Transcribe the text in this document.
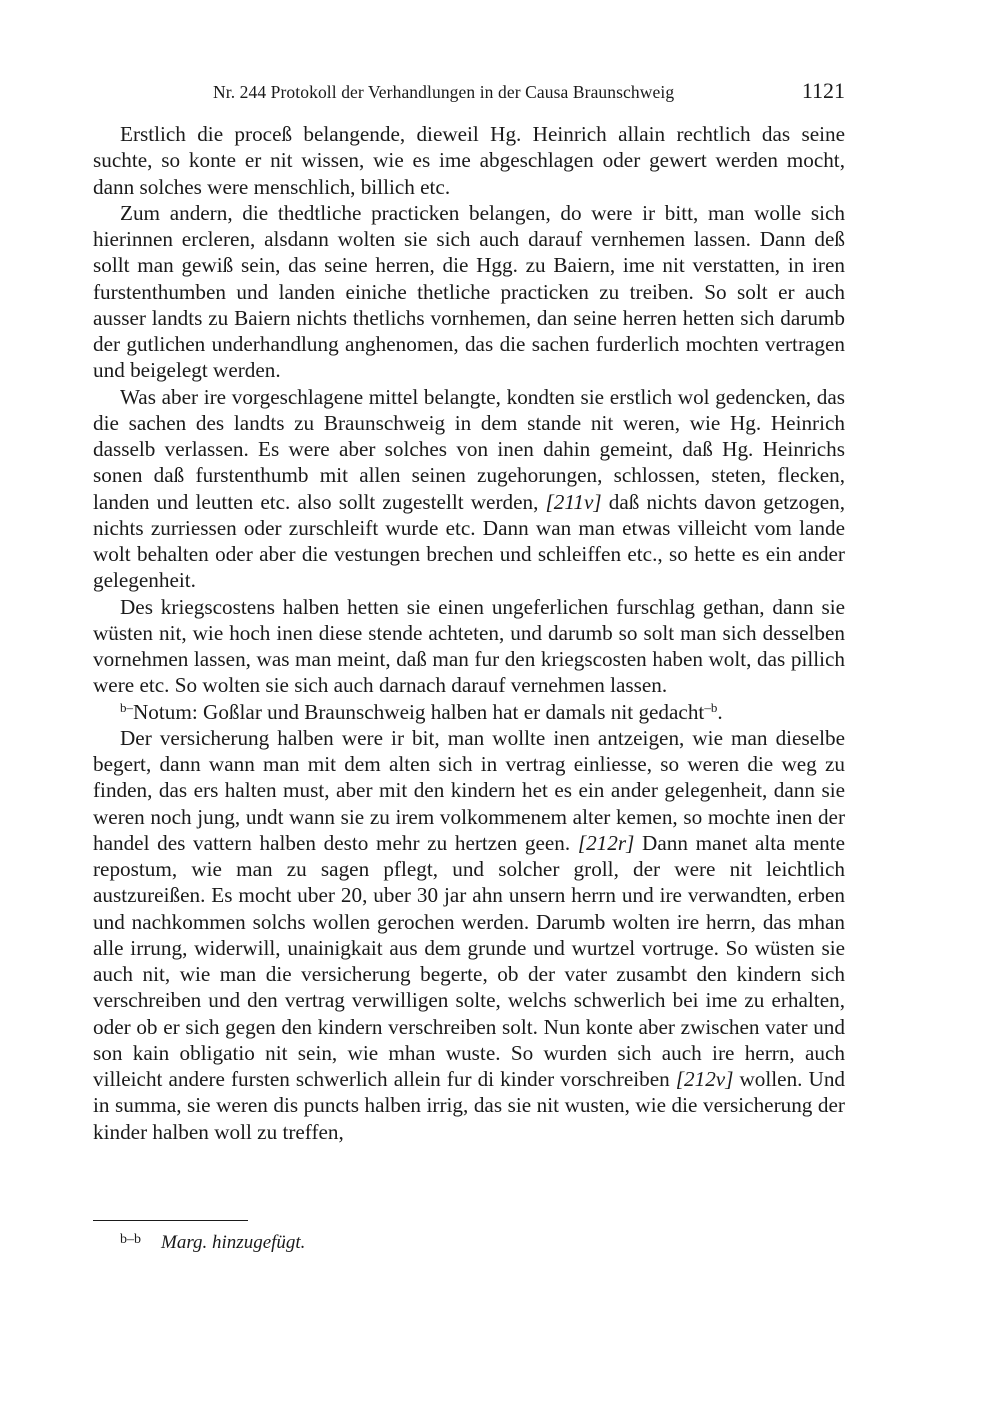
Nr. 244 Protokoll der Verhandlungen in der Causa Braunschweig	1121

Erstlich die proceß belangende, dieweil Hg. Heinrich allain rechtlich das seine suchte, so konte er nit wissen, wie es ime abgeschlagen oder gewert werden mocht, dann solches were menschlich, billich etc.

Zum andern, die thedtliche practicken belangen, do were ir bitt, man wolle sich hierinnen ercleren, alsdann wolten sie sich auch darauf vernhemen lassen. Dann deß sollt man gewiß sein, das seine herren, die Hgg. zu Baiern, ime nit verstatten, in iren furstenthumben und landen einiche thetliche practicken zu treiben. So solt er auch ausser landts zu Baiern nichts thetlichs vornhemen, dan seine herren hetten sich darumb der gutlichen underhandlung anghenomen, das die sachen furderlich mochten vertragen und beigelegt werden.

Was aber ire vorgeschlagene mittel belangte, kondten sie erstlich wol gedencken, das die sachen des landts zu Braunschweig in dem stande nit weren, wie Hg. Heinrich dasselb verlassen. Es were aber solches von inen dahin gemeint, daß Hg. Heinrichs sonen daß furstenthumb mit allen seinen zugehorungen, schlossen, steten, flecken, landen und leutten etc. also sollt zugestellt werden, [211v] daß nichts davon getzogen, nichts zurriessen oder zurschleift wurde etc. Dann wan man etwas villeicht vom lande wolt behalten oder aber die vestungen brechen und schleiffen etc., so hette es ein ander gelegenheit.

Des kriegscostens halben hetten sie einen ungeferlichen furschlag gethan, dann sie wüsten nit, wie hoch inen diese stende achteten, und darumb so solt man sich desselben vornehmen lassen, was man meint, daß man fur den kriegscosten haben wolt, das pillich were etc. So wolten sie sich auch darnach darauf vernehmen lassen.

$^{b-}$Notum: Goßlar und Braunschweig halben hat er damals nit gedacht$^{-b}$.

Der versicherung halben were ir bit, man wollte inen antzeigen, wie man dieselbe begert, dann wann man mit dem alten sich in vertrag einliesse, so weren die weg zu finden, das ers halten must, aber mit den kindern het es ein ander gelegenheit, dann sie weren noch jung, undt wann sie zu irem volkommenem alter kemen, so mochte inen der handel des vattern halben desto mehr zu hertzen geen. [212r] Dann manet alta mente repostum, wie man zu sagen pflegt, und solcher groll, der were nit leichtlich austzureißen. Es mocht uber 20, uber 30 jar ahn unsern herrn und ire verwandten, erben und nachkommen solchs wollen gerochen werden. Darumb wolten ire herrn, das mhan alle irrung, widerwill, unainigkait aus dem grunde und wurtzel vortruge. So wüsten sie auch nit, wie man die versicherung begerte, ob der vater zusambt den kindern sich verschreiben und den vertrag verwilligen solte, welchs schwerlich bei ime zu erhalten, oder ob er sich gegen den kindern verschreiben solt. Nun konte aber zwischen vater und son kain obligatio nit sein, wie mhan wuste. So wurden sich auch ire herrn, auch villeicht andere fursten schwerlich allein fur di kinder vorschreiben [212v] wollen. Und in summa, sie weren dis puncts halben irrig, das sie nit wusten, wie die versicherung der kinder halben woll zu treffen,

b–b Marg. hinzugefügt.
